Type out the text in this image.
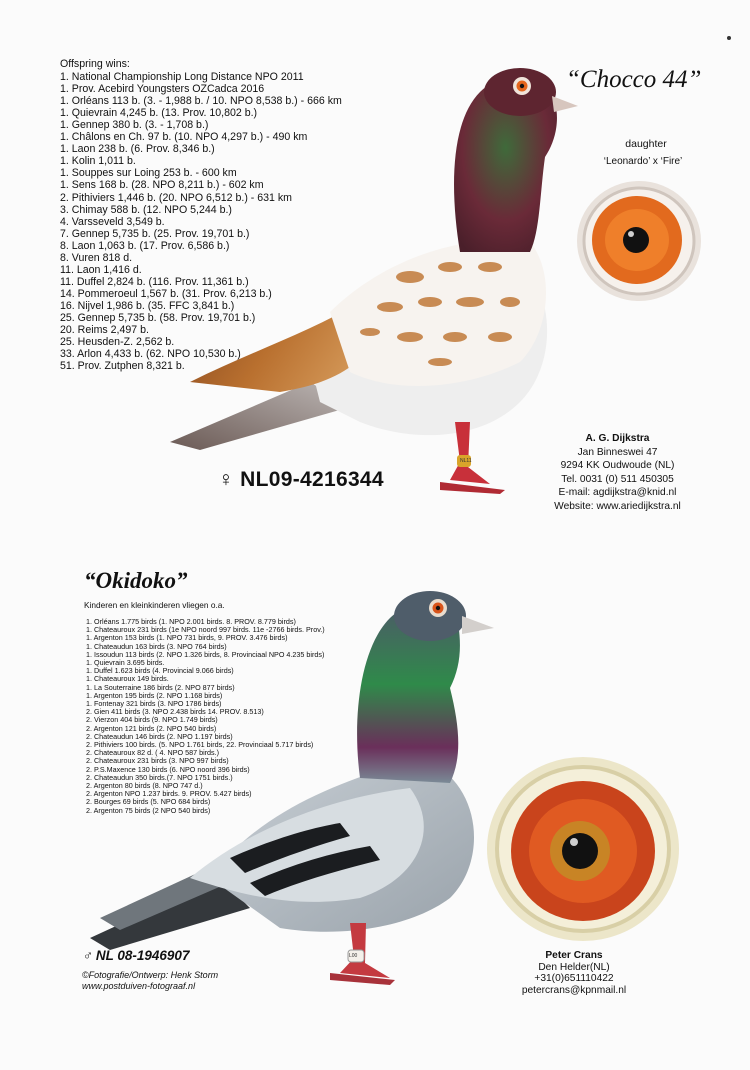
Offspring wins:
1. National Championship Long Distance NPO 2011
1. Prov. Acebird Youngsters OZCadca 2016
1. Orléans 113 b. (3. - 1,988 b. / 10. NPO 8,538 b.) - 666 km
1. Quievrain 4,245 b. (13. Prov. 10,802 b.)
1. Gennep 380 b. (3. - 1,708 b.)
1. Châlons en Ch. 97 b. (10. NPO 4,297 b.) - 490 km
1. Laon 238 b. (6. Prov. 8,346 b.)
1. Kolin 1,011 b.
1. Souppes sur Loing 253 b. - 600 km
1. Sens 168 b. (28. NPO 8,211 b.) - 602 km
2. Pithiviers 1,446 b. (20. NPO 6,512 b.) - 631 km
3. Chimay 588 b. (12. NPO 5,244 b.)
4. Varsseveld 3,549 b.
7. Gennep 5,735 b. (25. Prov. 19,701 b.)
8. Laon 1,063 b. (17. Prov. 6,586 b.)
8. Vuren 818 d.
11. Laon 1,416 d.
11. Duffel 2,824 b. (116. Prov. 11,361 b.)
14. Pommeroeul 1,567 b. (31. Prov. 6,213 b.)
16. Nijvel 1,986 b. (35. FFC 3,841 b.)
25. Gennep 5,735 b. (58. Prov. 19,701 b.)
20. Reims 2,497 b.
25. Heusden-Z. 2,562 b.
33. Arlon 4,433 b. (62. NPO 10,530 b.)
51. Prov. Zutphen 8,321 b.
NL11
“Chocco 44”
daughter
‘Leonardo’ x ‘Fire’
♀ NL09-4216344
A. G. Dijkstra
Jan Binneswei 47
9294 KK Oudwoude (NL)
Tel. 0031 (0) 511 450305
E-mail: agdijkstra@knid.nl
Website: www.ariedijkstra.nl
“Okidoko”
Kinderen en kleinkinderen vliegen o.a.
L00
1. Orléans 1.775 birds (1. NPO 2.001 birds. 8. PROV. 8.779 birds)
1. Chateauroux 231 birds (1e NPO noord 997 birds. 11e -2766 birds. Prov.)
1. Argenton 153 birds (1. NPO 731 birds, 9. PROV. 3.476 birds)
1. Chateaudun 163 birds (3. NPO 764 birds)
1. Issoudun 113 birds (2. NPO 1.326 birds, 8. Provinciaal NPO 4.235 birds)
1. Quievrain 3.695 birds.
1. Duffel 1.623 birds (4. Provincial 9.066 birds)
1. Chateauroux 149 birds.
1. La Souterraine 186 birds (2. NPO 877 birds)
1. Argenton 195 birds (2. NPO 1.168 birds)
1. Fontenay 321 birds (3. NPO 1786 birds)
2. Gien 411 birds (3. NPO 2.438 birds 14. PROV. 8.513)
2. Vierzon 404 birds (9. NPO 1.749 birds)
2. Argenton 121 birds (2. NPO 540 birds)
2. Chateaudun 146 birds (2. NPO 1.197 birds)
2. Pithiviers 100 birds. (5. NPO 1.761 birds, 22. Provinciaal 5.717 birds)
2. Chateauroux 82 d. ( 4. NPO 587 birds.)
2. Chateauroux 231 birds (3. NPO 997 birds)
2. P.S.Maxence 130 birds (6. NPO noord 396 birds)
2. Chateaudun 350 birds.(7. NPO 1751 birds.)
2. Argenton 80 birds (8. NPO 747 d.)
2. Argenton NPO 1.237 birds. 9. PROV. 5.427 birds)
2. Bourges 69 birds (5. NPO 684 birds)
2. Argenton 75 birds (2 NPO 540 birds)
♂ NL 08-1946907
©Fotografie/Ontwerp: Henk Storm
www.postduiven-fotograaf.nl
Peter Crans
Den Helder(NL)
+31(0)651110422
petercrans@kpnmail.nl
